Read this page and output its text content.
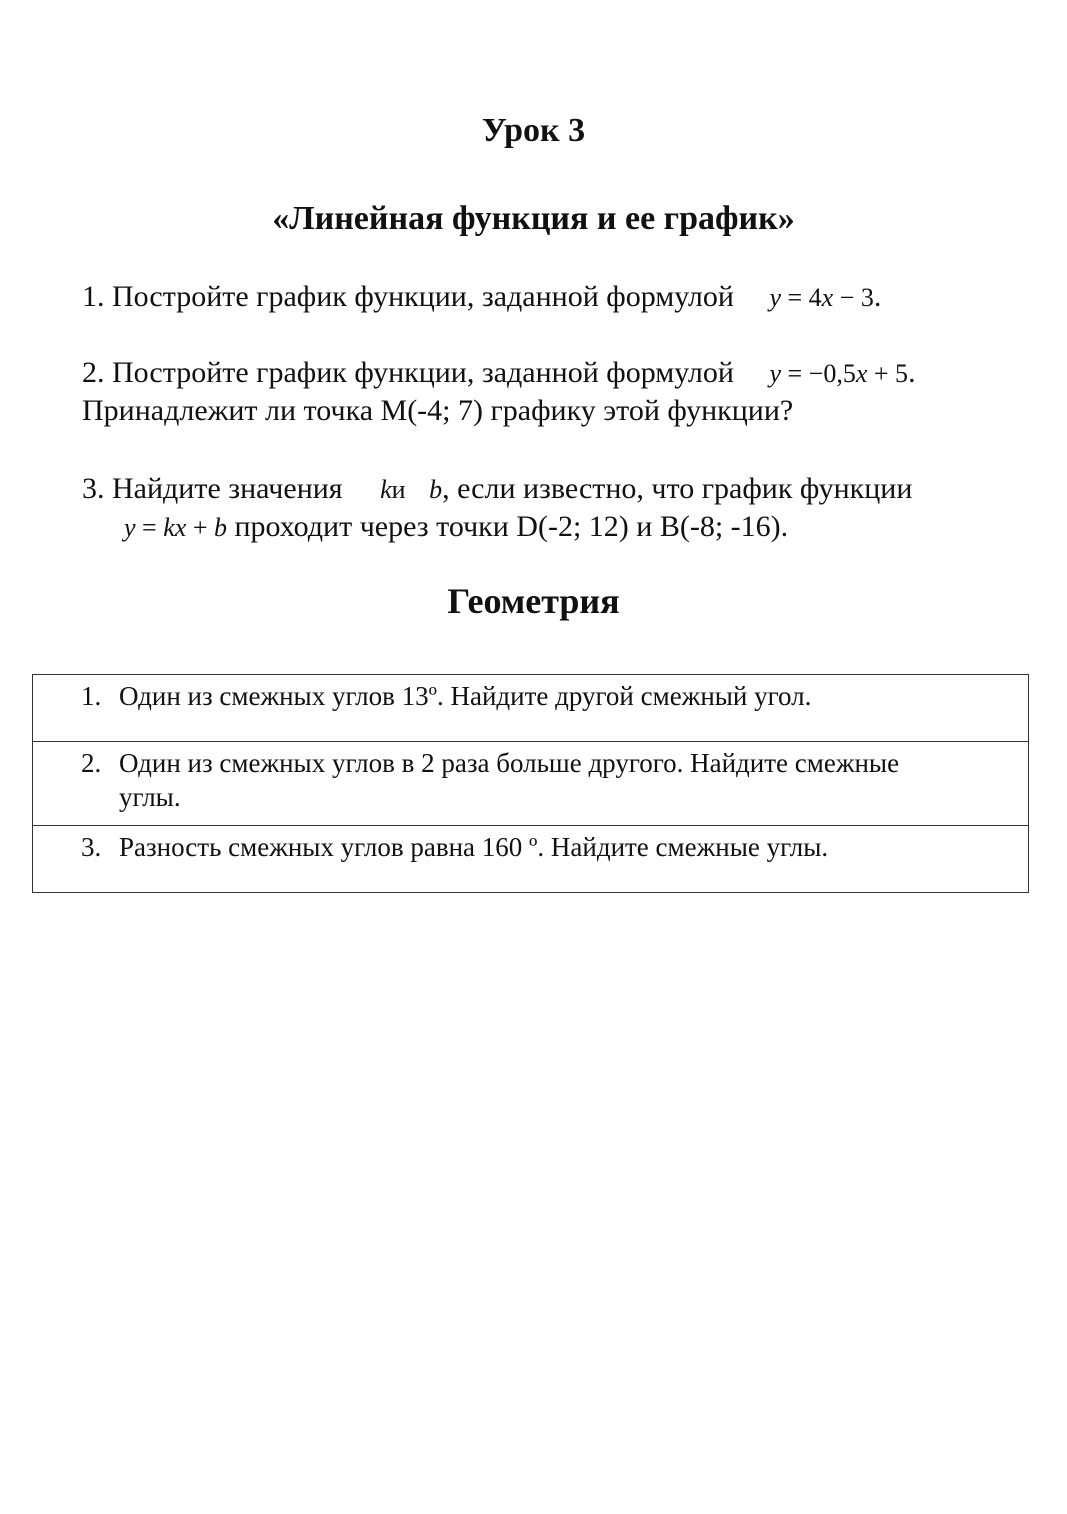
Урок 3
«Линейная функция и ее график»
1. Постройте график функции, заданной формулой y = 4x − 3.
2. Постройте график функции, заданной формулой y = −0,5x + 5.
Принадлежит ли точка M(-4; 7) графику этой функции?
3. Найдите значения kи b, если известно, что график функции
y = kx + b проходит через точки D(-2; 12) и B(-8; -16).
Геометрия
1. Один из смежных углов 13º. Найдите другой смежный угол.

2. Один из смежных углов в 2 раза больше другого. Найдите смежные
углы.

3. Разность смежных углов равна 160 º. Найдите смежные углы.
